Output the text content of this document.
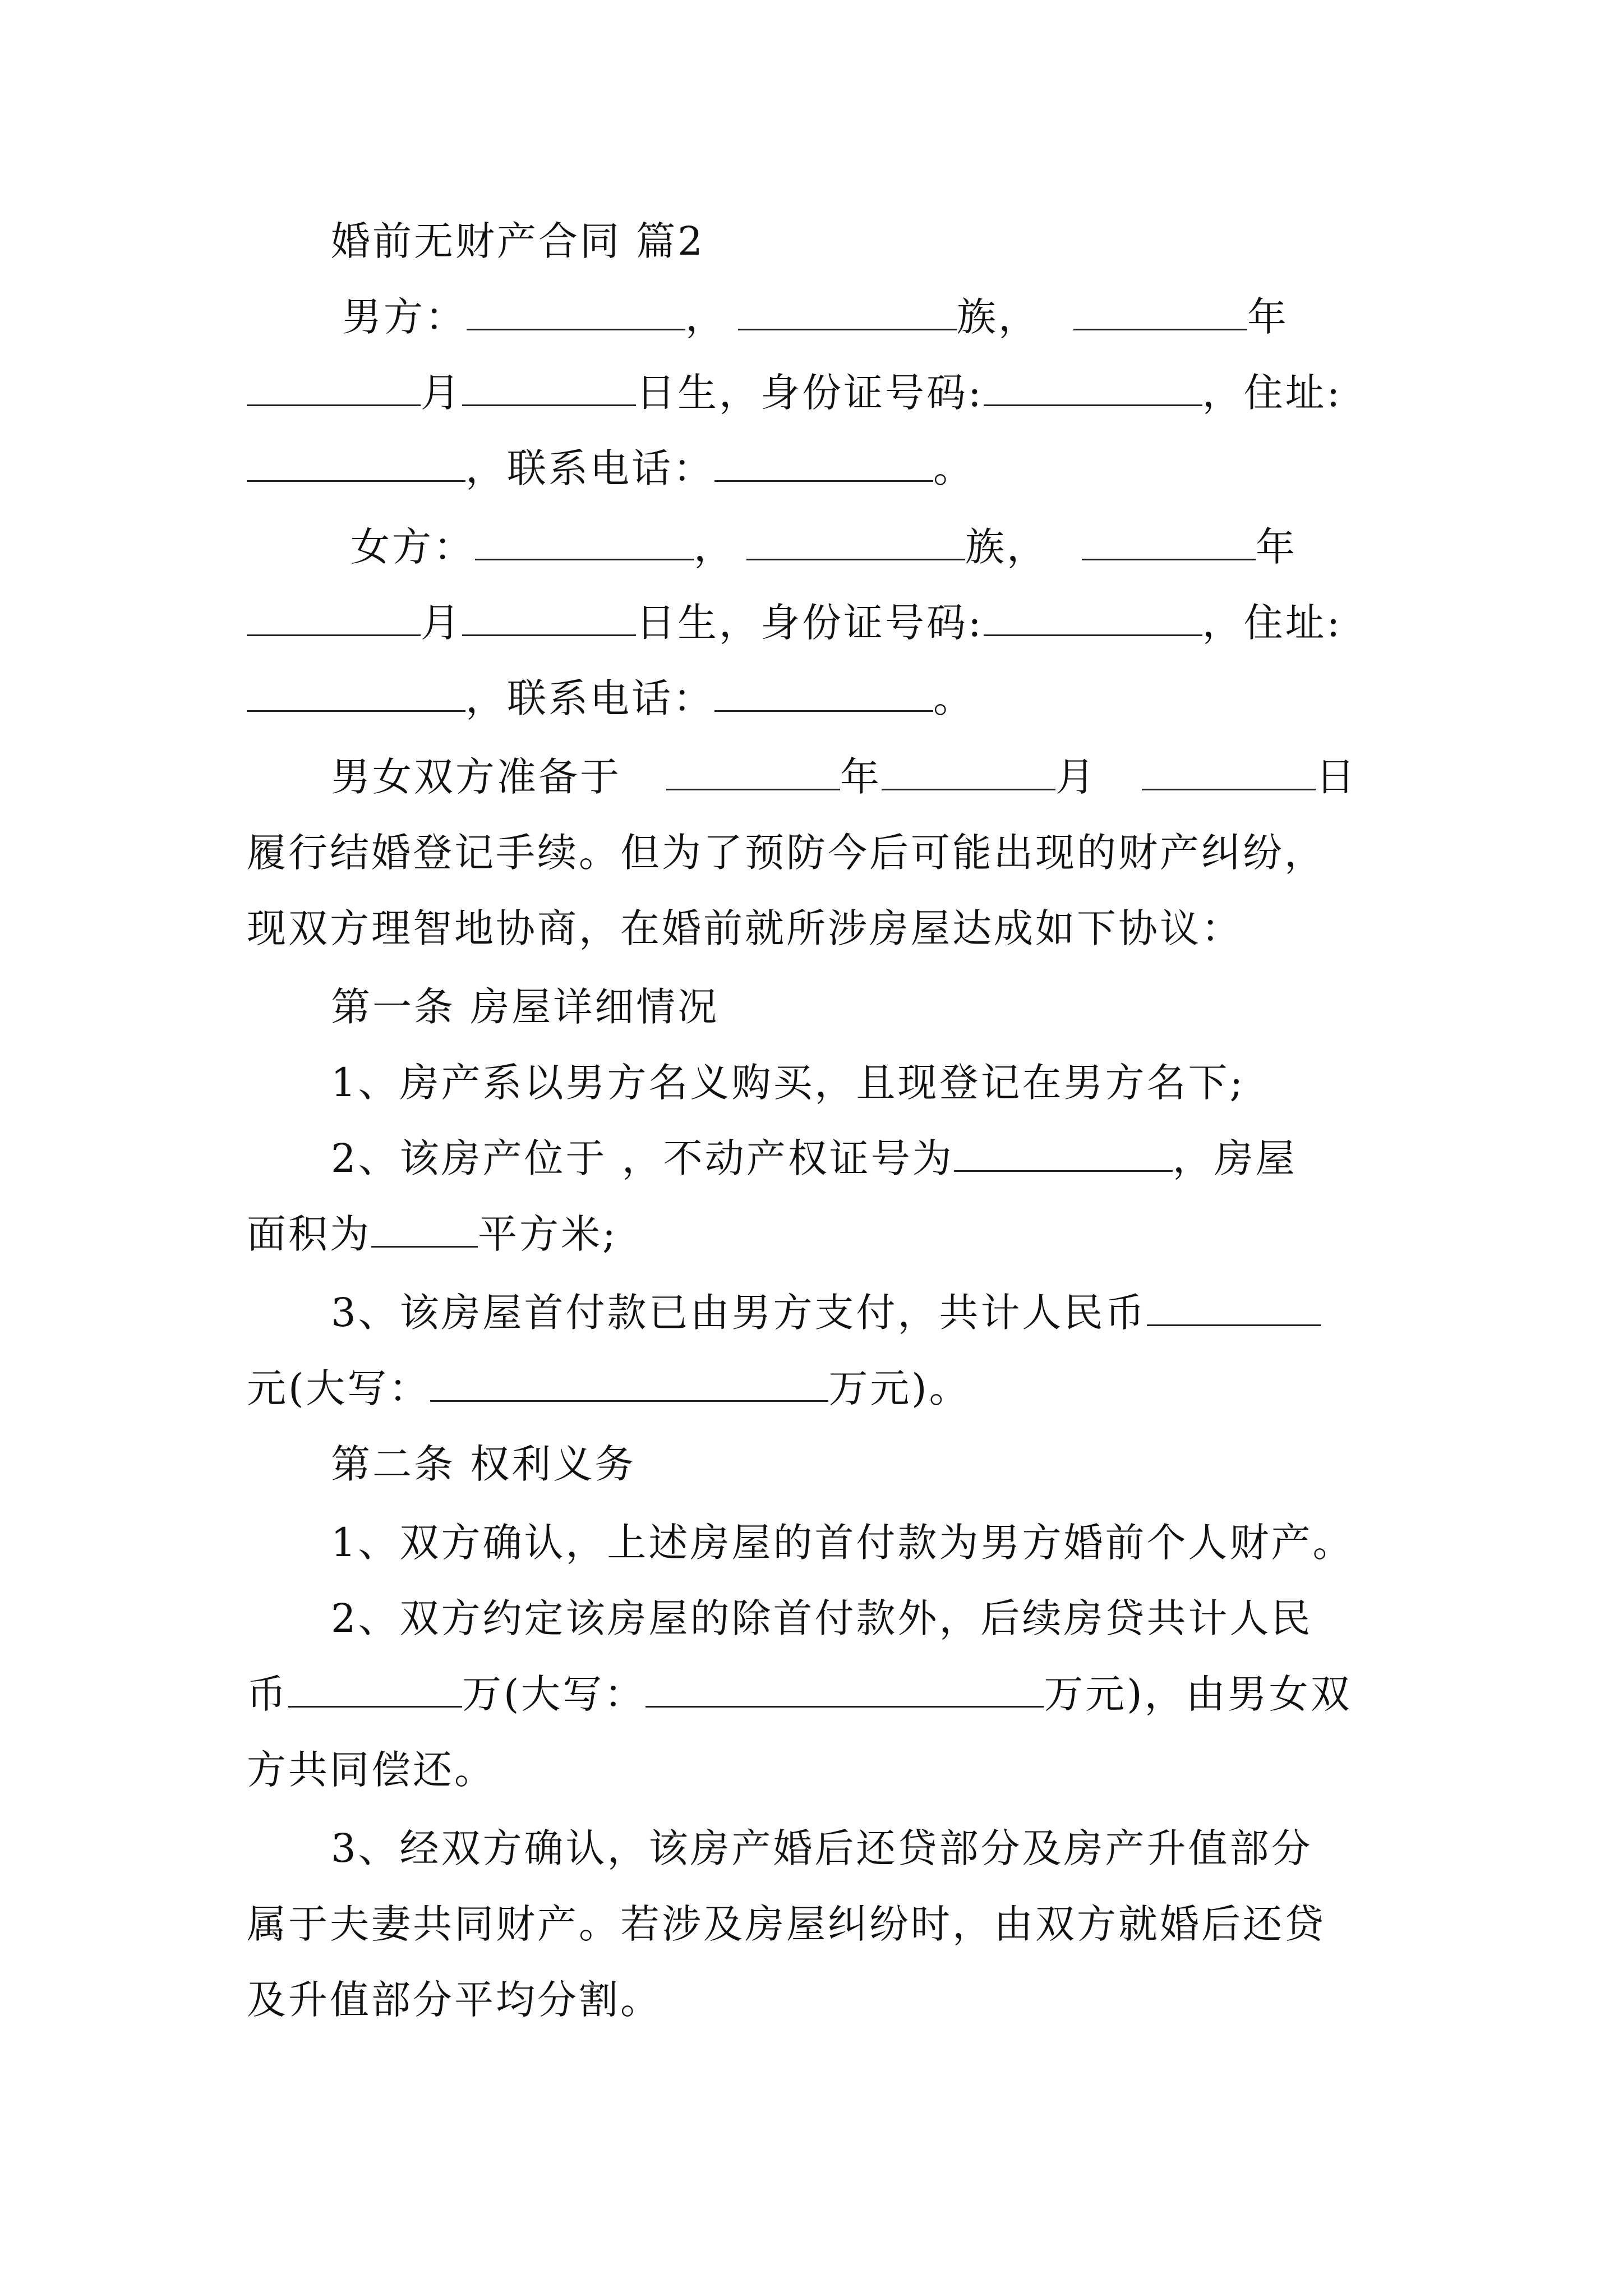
婚前无财产合同 篇2
男方：	，	族，	年
月	日生，身份证号码:	，住址:
，联系电话：	。
女方：	，	族，	年
月	日生，身份证号码:	，住址:
，联系电话：	。
男女双方准备于	年	月	日
履行结婚登记手续。但为了预防今后可能出现的财产纠纷，
现双方理智地协商，在婚前就所涉房屋达成如下协议：
第一条 房屋详细情况
1、房产系以男方名义购买，且现登记在男方名下;
2、该房产位于 ，不动产权证号为	，房屋
面积为	平方米;
3、该房屋首付款已由男方支付，共计人民币
元(大写：	万元)。
第二条 权利义务
1、双方确认，上述房屋的首付款为男方婚前个人财产。
2、双方约定该房屋的除首付款外，后续房贷共计人民
币	万(大写：	万元)，由男女双
方共同偿还。
3、经双方确认，该房产婚后还贷部分及房产升值部分
属于夫妻共同财产。若涉及房屋纠纷时，由双方就婚后还贷
及升值部分平均分割。
